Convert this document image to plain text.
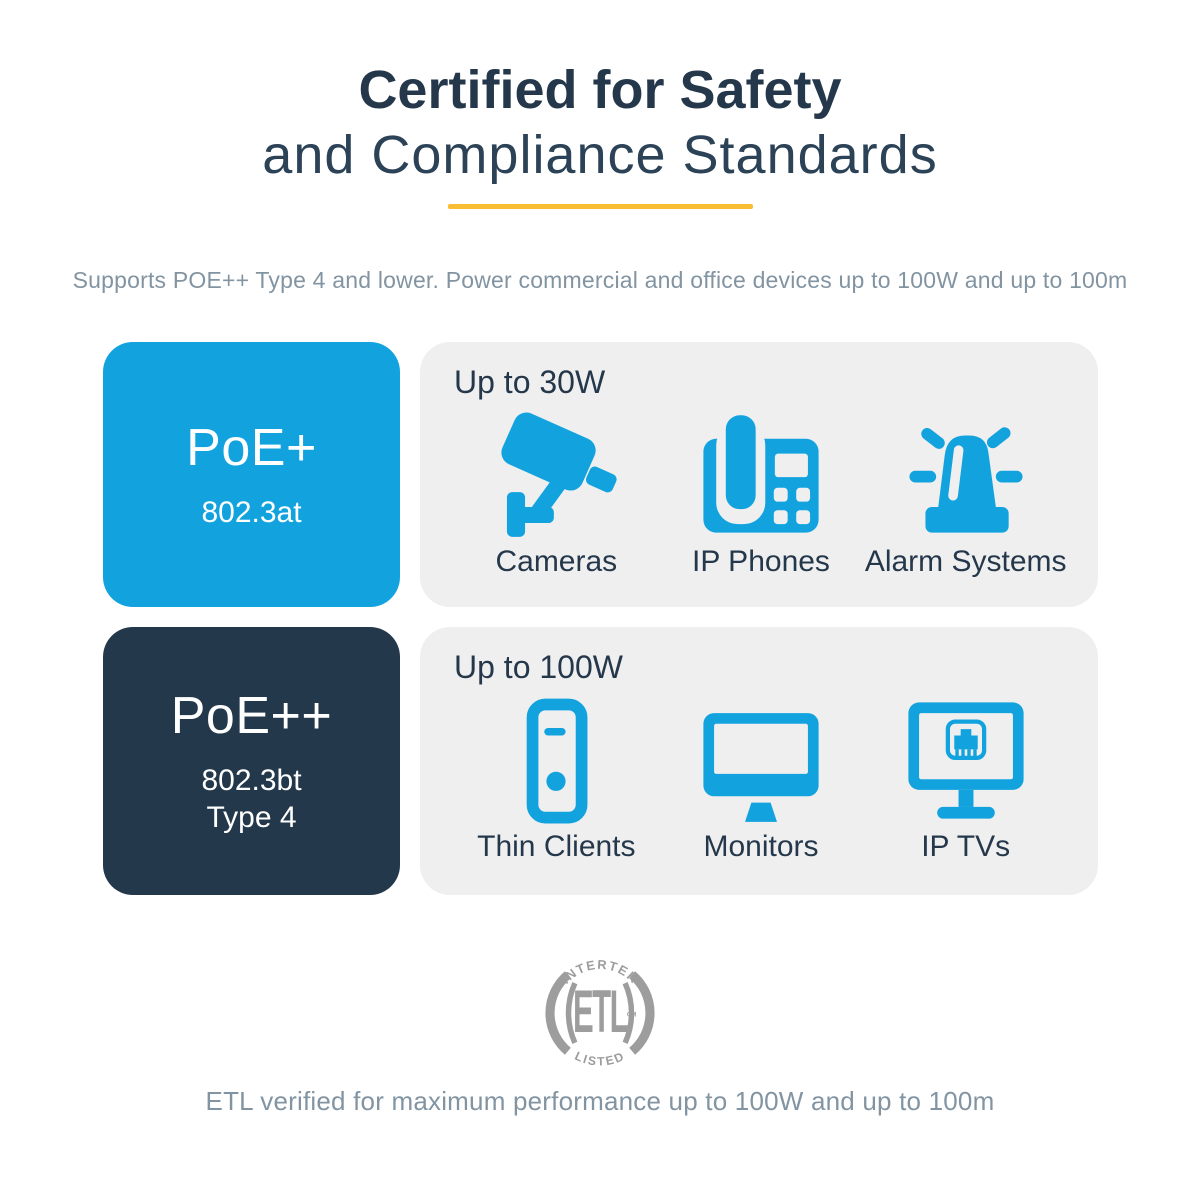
Certified for Safety
and Compliance Standards
Supports POE++ Type 4 and lower. Power commercial and office devices up to 100W and up to 100m
PoE+
802.3at
Up to 30W
Cameras IP Phones Alarm Systems
PoE++
802.3bt
Type 4
Up to 100W
Thin Clients Monitors	IP TVs
INTERTEK
LISTED
ETL CM
ETL verified for maximum performance up to 100W and up to 100m
